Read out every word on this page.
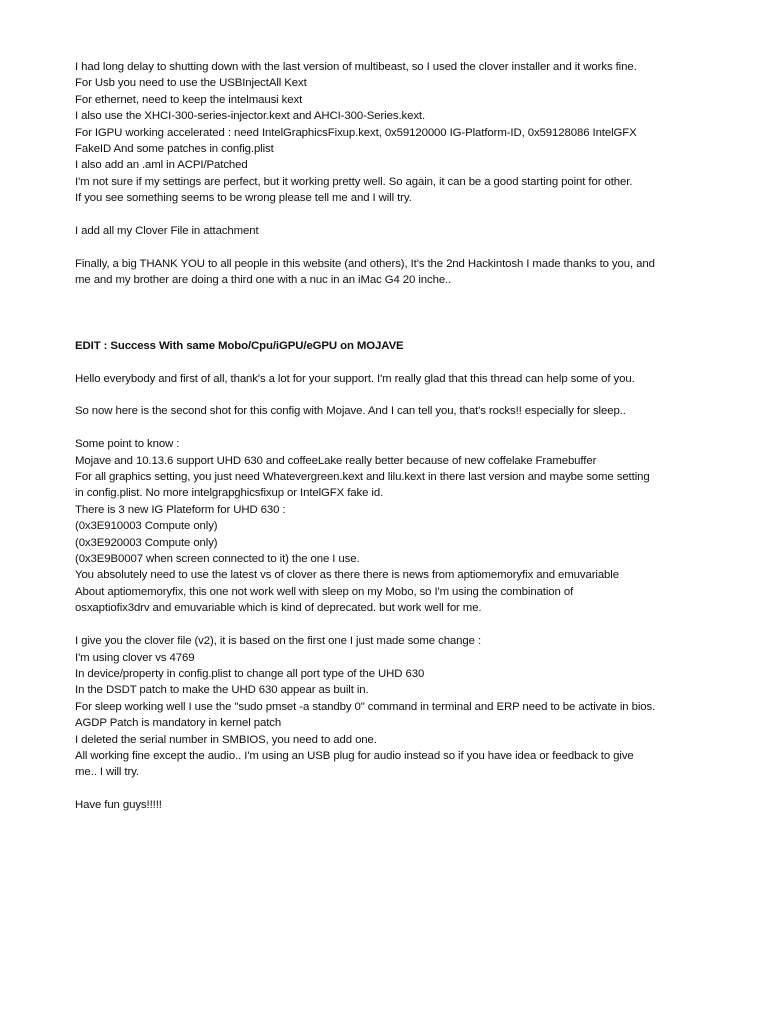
I had long delay to shutting down with the last version of multibeast, so I used the clover installer and it works fine.
For Usb you need to use the USBInjectAll Kext
For ethernet, need to keep the intelmausi kext
I also use the XHCI-300-series-injector.kext and AHCI-300-Series.kext.
For IGPU working accelerated : need IntelGraphicsFixup.kext, 0x59120000 IG-Platform-ID, 0x59128086 IntelGFX
FakeID And some patches in config.plist
I also add an .aml in ACPI/Patched
I'm not sure if my settings are perfect, but it working pretty well. So again, it can be a good starting point for other.
If you see something seems to be wrong please tell me and I will try.
I add all my Clover File in attachment
Finally, a big THANK YOU to all people in this website (and others), It's the 2nd Hackintosh I made thanks to you, and
me and my brother are doing a third one with a nuc in an iMac G4 20 inche..

EDIT : Success With same Mobo/Cpu/iGPU/eGPU on MOJAVE
Hello everybody and first of all, thank's a lot for your support. I'm really glad that this thread can help some of you.
So now here is the second shot for this config with Mojave. And I can tell you, that's rocks!! especially for sleep..
Some point to know :
Mojave and 10.13.6 support UHD 630 and coffeeLake really better because of new coffelake Framebuffer
For all graphics setting, you just need Whatevergreen.kext and lilu.kext in there last version and maybe some setting
in config.plist. No more intelgrapghicsfixup or IntelGFX fake id.
There is 3 new IG Plateform for UHD 630 :
(0x3E910003 Compute only)
(0x3E920003 Compute only)
(0x3E9B0007 when screen connected to it) the one I use.
You absolutely need to use the latest vs of clover as there there is news from aptiomemoryfix and emuvariable
About aptiomemoryfix, this one not work well with sleep on my Mobo, so I'm using the combination of
osxaptiofix3drv and emuvariable which is kind of deprecated. but work well for me.
I give you the clover file (v2), it is based on the first one I just made some change :
I'm using clover vs 4769
In device/property in config.plist to change all port type of the UHD 630
In the DSDT patch to make the UHD 630 appear as built in.
For sleep working well I use the "sudo pmset -a standby 0" command in terminal and ERP need to be activate in bios.
AGDP Patch is mandatory in kernel patch
I deleted the serial number in SMBIOS, you need to add one.
All working fine except the audio.. I'm using an USB plug for audio instead so if you have idea or feedback to give
me.. I will try.
Have fun guys!!!!!
